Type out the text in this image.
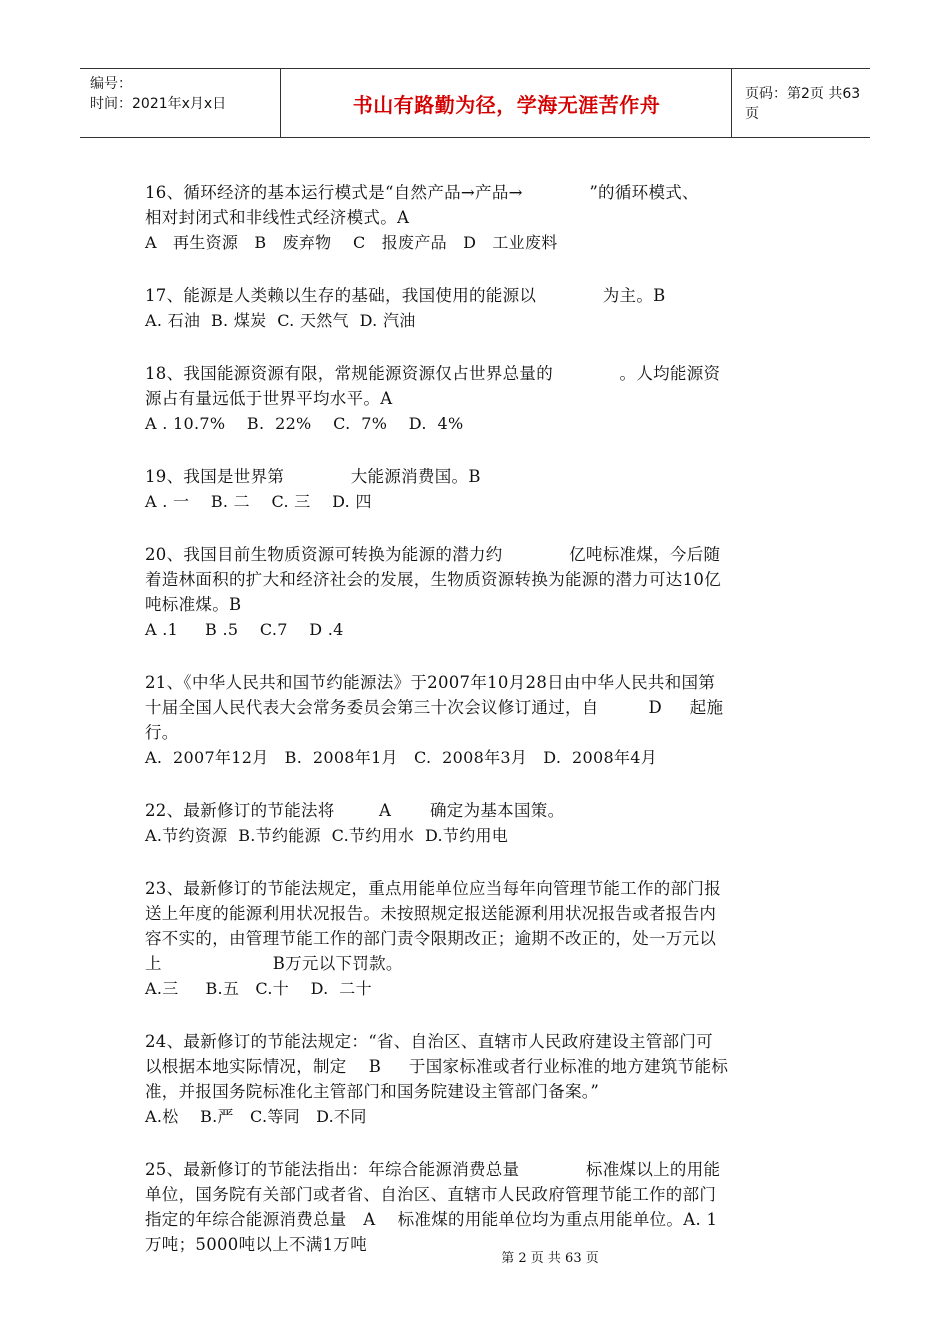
编号：
时间：2021年x月x日	书山有路勤为径，学海无涯苦作舟	页码：第2页 共63页
16、循环经济的基本运行模式是“自然产品→产品→            ”的循环模式、
相对封闭式和非线性式经济模式。A
A   再生资源   B   废弃物    C   报废产品   D   工业废料
17、能源是人类赖以生存的基础，我国使用的能源以            为主。B
A. 石油  B. 煤炭  C. 天然气  D. 汽油
18、我国能源资源有限，常规能源资源仅占世界总量的            。人均能源资
源占有量远低于世界平均水平。A
A . 10.7%    B.  22%    C.  7%    D.  4%
19、我国是世界第            大能源消费国。B
A . 一    B. 二    C. 三    D. 四
20、我国目前生物质资源可转换为能源的潜力约            亿吨标准煤，今后随
着造林面积的扩大和经济社会的发展，生物质资源转换为能源的潜力可达10亿
吨标准煤。B
A .1     B .5    C.7    D .4
21、《中华人民共和国节约能源法》于2007年10月28日由中华人民共和国第
十届全国人民代表大会常务委员会第三十次会议修订通过，自         D     起施
行。
A.  2007年12月   B.  2008年1月   C.  2008年3月   D.  2008年4月
22、最新修订的节能法将        A       确定为基本国策。
A.节约资源  B.节约能源  C.节约用水  D.节约用电
23、最新修订的节能法规定，重点用能单位应当每年向管理节能工作的部门报
送上年度的能源利用状况报告。未按照规定报送能源利用状况报告或者报告内
容不实的，由管理节能工作的部门责令限期改正；逾期不改正的，处一万元以
上                    B万元以下罚款。
A.三     B.五   C.十    D.  二十
24、最新修订的节能法规定：“省、自治区、直辖市人民政府建设主管部门可
以根据本地实际情况，制定    B     于国家标准或者行业标准的地方建筑节能标
准，并报国务院标准化主管部门和国务院建设主管部门备案。”
A.松    B.严   C.等同   D.不同
25、最新修订的节能法指出：年综合能源消费总量            标准煤以上的用能
单位，国务院有关部门或者省、自治区、直辖市人民政府管理节能工作的部门
指定的年综合能源消费总量   A    标准煤的用能单位均为重点用能单位。A. 1
万吨；5000吨以上不满1万吨
第 2 页 共 63 页
